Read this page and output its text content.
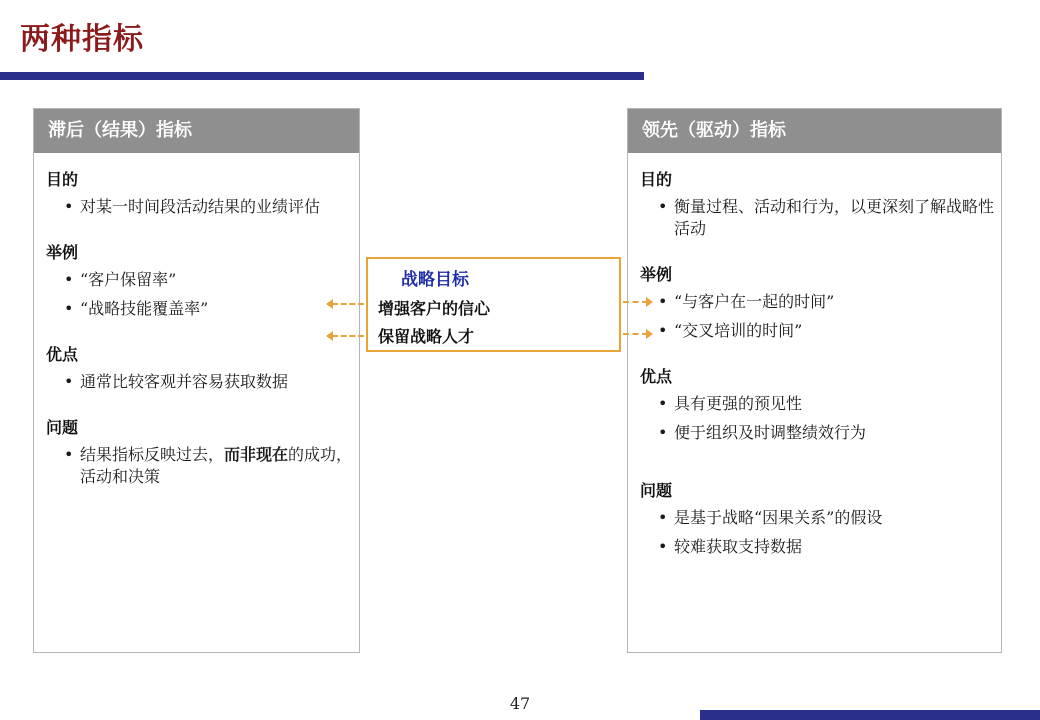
两种指标
滞后（结果）指标
目的
• 对某一时间段活动结果的业绩评估
举例
• “客户保留率”
• “战略技能覆盖率”
优点
• 通常比较客观并容易获取数据
问题
• 结果指标反映过去，而非现在的成功，活动和决策
领先（驱动）指标
目的
• 衡量过程、活动和行为，以更深刻了解战略性活动
举例
• “与客户在一起的时间”
• “交叉培训的时间”
优点
• 具有更强的预见性
• 便于组织及时调整绩效行为
问题
• 是基于战略“因果关系”的假设
• 较难获取支持数据
战略目标
增强客户的信心
保留战略人才
47
